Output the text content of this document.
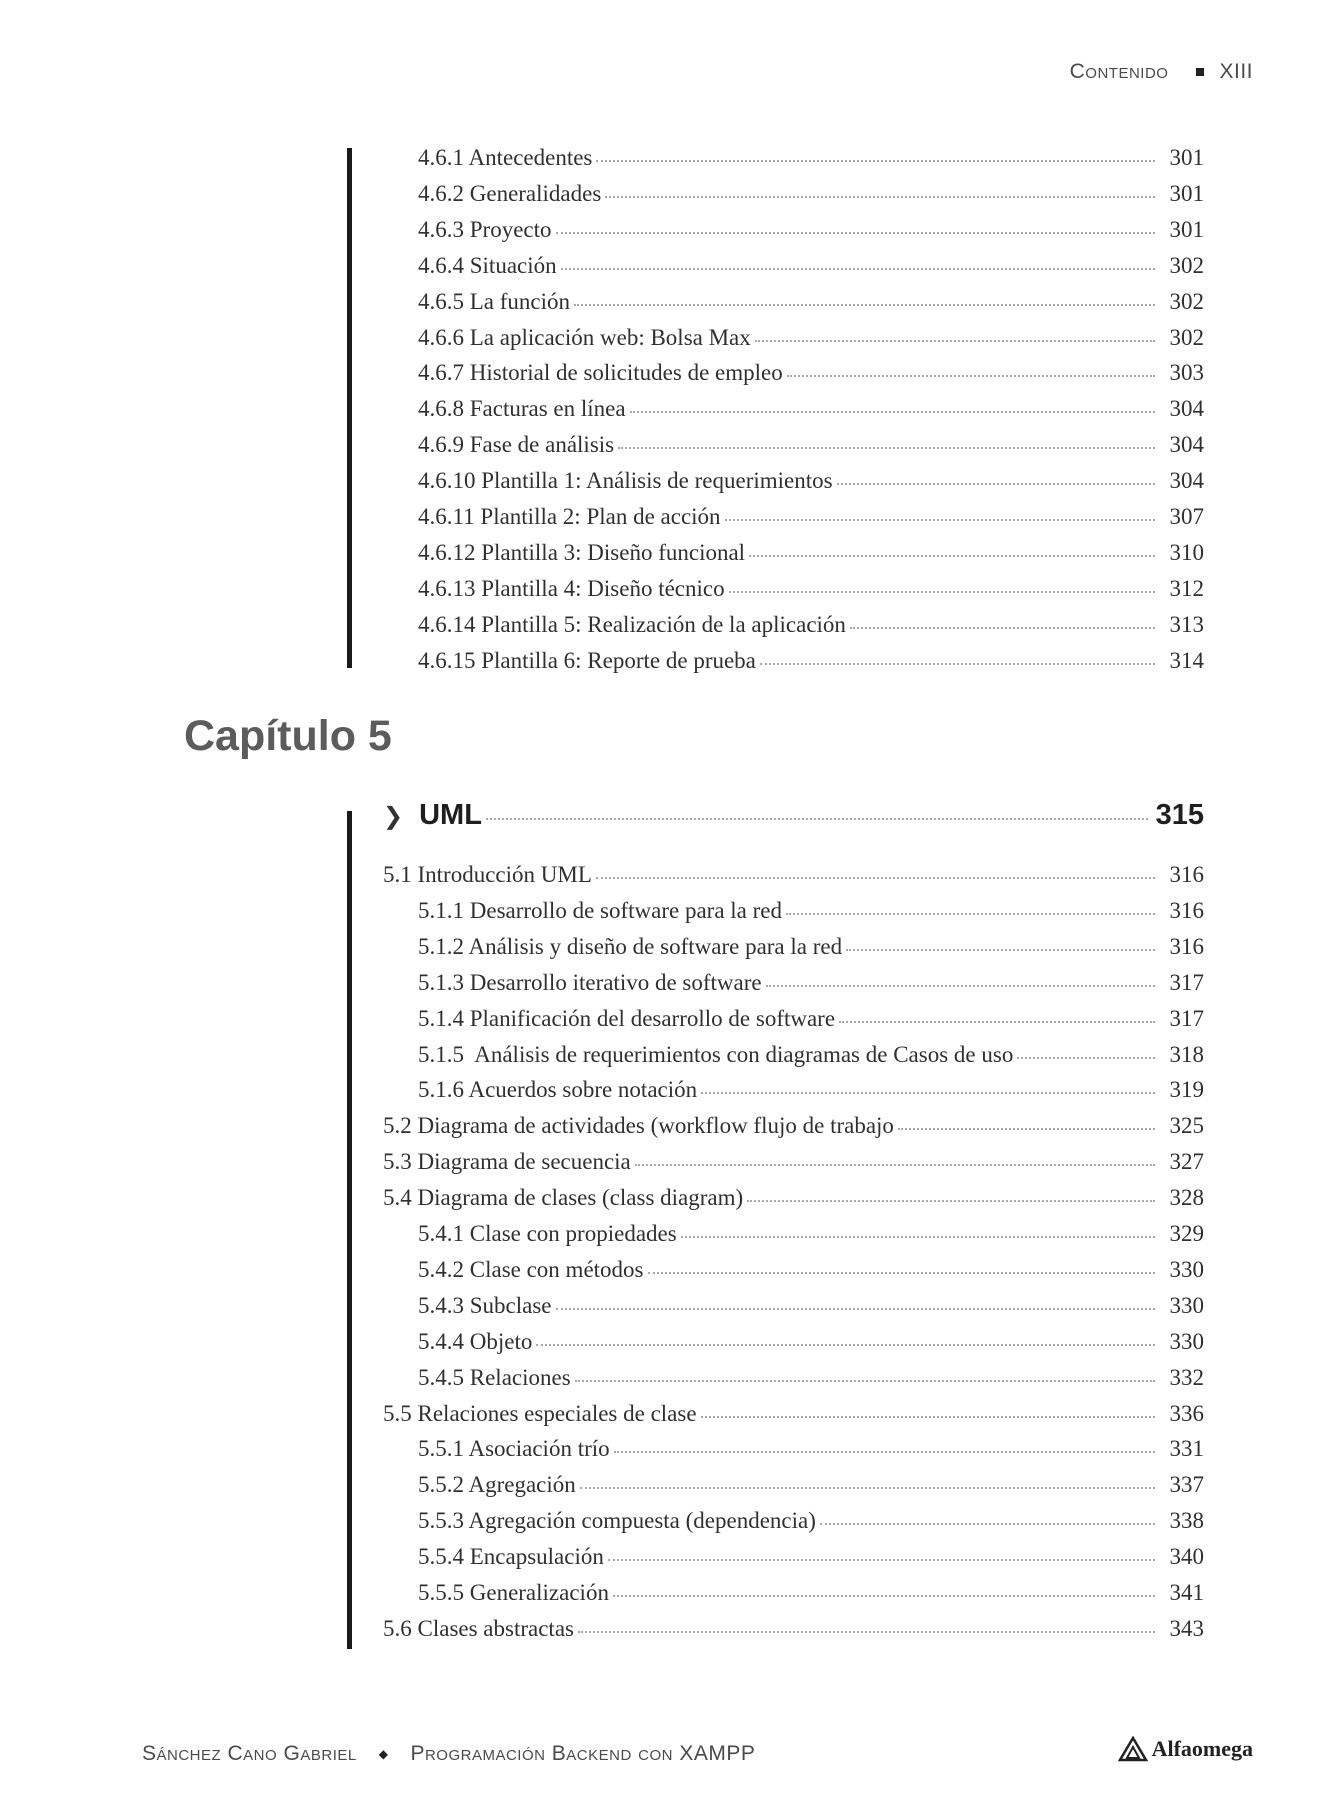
Contenido XIII
4.6.1 Antecedentes	301
4.6.2 Generalidades	301
4.6.3 Proyecto	301
4.6.4 Situación	302
4.6.5 La función	302
4.6.6 La aplicación web: Bolsa Max	302
4.6.7 Historial de solicitudes de empleo	303
4.6.8 Facturas en línea	304
4.6.9 Fase de análisis	304
4.6.10 Plantilla 1: Análisis de requerimientos	304
4.6.11 Plantilla 2: Plan de acción	307
4.6.12 Plantilla 3: Diseño funcional	310
4.6.13 Plantilla 4: Diseño técnico	312
4.6.14 Plantilla 5: Realización de la aplicación	313
4.6.15 Plantilla 6: Reporte de prueba	314
Capítulo 5
❯ UML	315
5.1 Introducción UML	316
5.1.1 Desarrollo de software para la red	316
5.1.2 Análisis y diseño de software para la red	316
5.1.3 Desarrollo iterativo de software	317
5.1.4 Planificación del desarrollo de software	317
5.1.5  Análisis de requerimientos con diagramas de Casos de uso	318
5.1.6 Acuerdos sobre notación	319
5.2 Diagrama de actividades (workflow flujo de trabajo	325
5.3 Diagrama de secuencia	327
5.4 Diagrama de clases (class diagram)	328
5.4.1 Clase con propiedades	329
5.4.2 Clase con métodos	330
5.4.3 Subclase	330
5.4.4 Objeto	330
5.4.5 Relaciones	332
5.5 Relaciones especiales de clase	336
5.5.1 Asociación trío	331
5.5.2 Agregación	337
5.5.3 Agregación compuesta (dependencia)	338
5.5.4 Encapsulación	340
5.5.5 Generalización	341
5.6 Clases abstractas	343
Sánchez Cano Gabriel ◆ Programación Backend con XAMPP	Alfaomega
